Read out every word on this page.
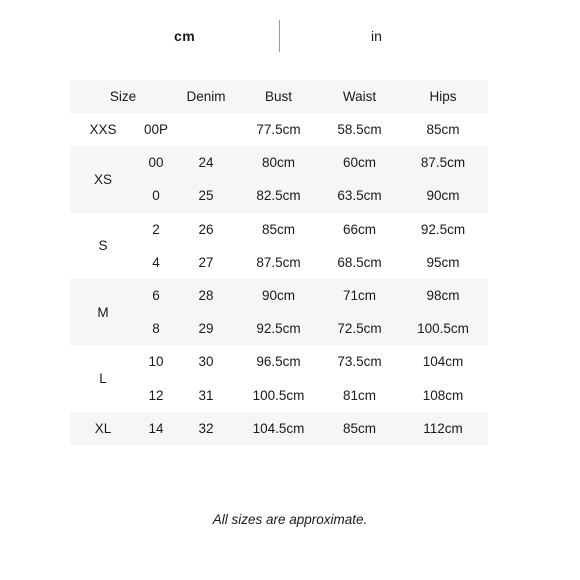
cm	in
Size		Denim	Bust	Waist	Hips
XXS	00P		77.5cm	58.5cm	85cm
XS	00	24	80cm	60cm	87.5cm
	0	25	82.5cm	63.5cm	90cm
S	2	26	85cm	66cm	92.5cm
	4	27	87.5cm	68.5cm	95cm
M	6	28	90cm	71cm	98cm
	8	29	92.5cm	72.5cm	100.5cm
L	10	30	96.5cm	73.5cm	104cm
	12	31	100.5cm	81cm	108cm
XL	14	32	104.5cm	85cm	112cm
All sizes are approximate.
